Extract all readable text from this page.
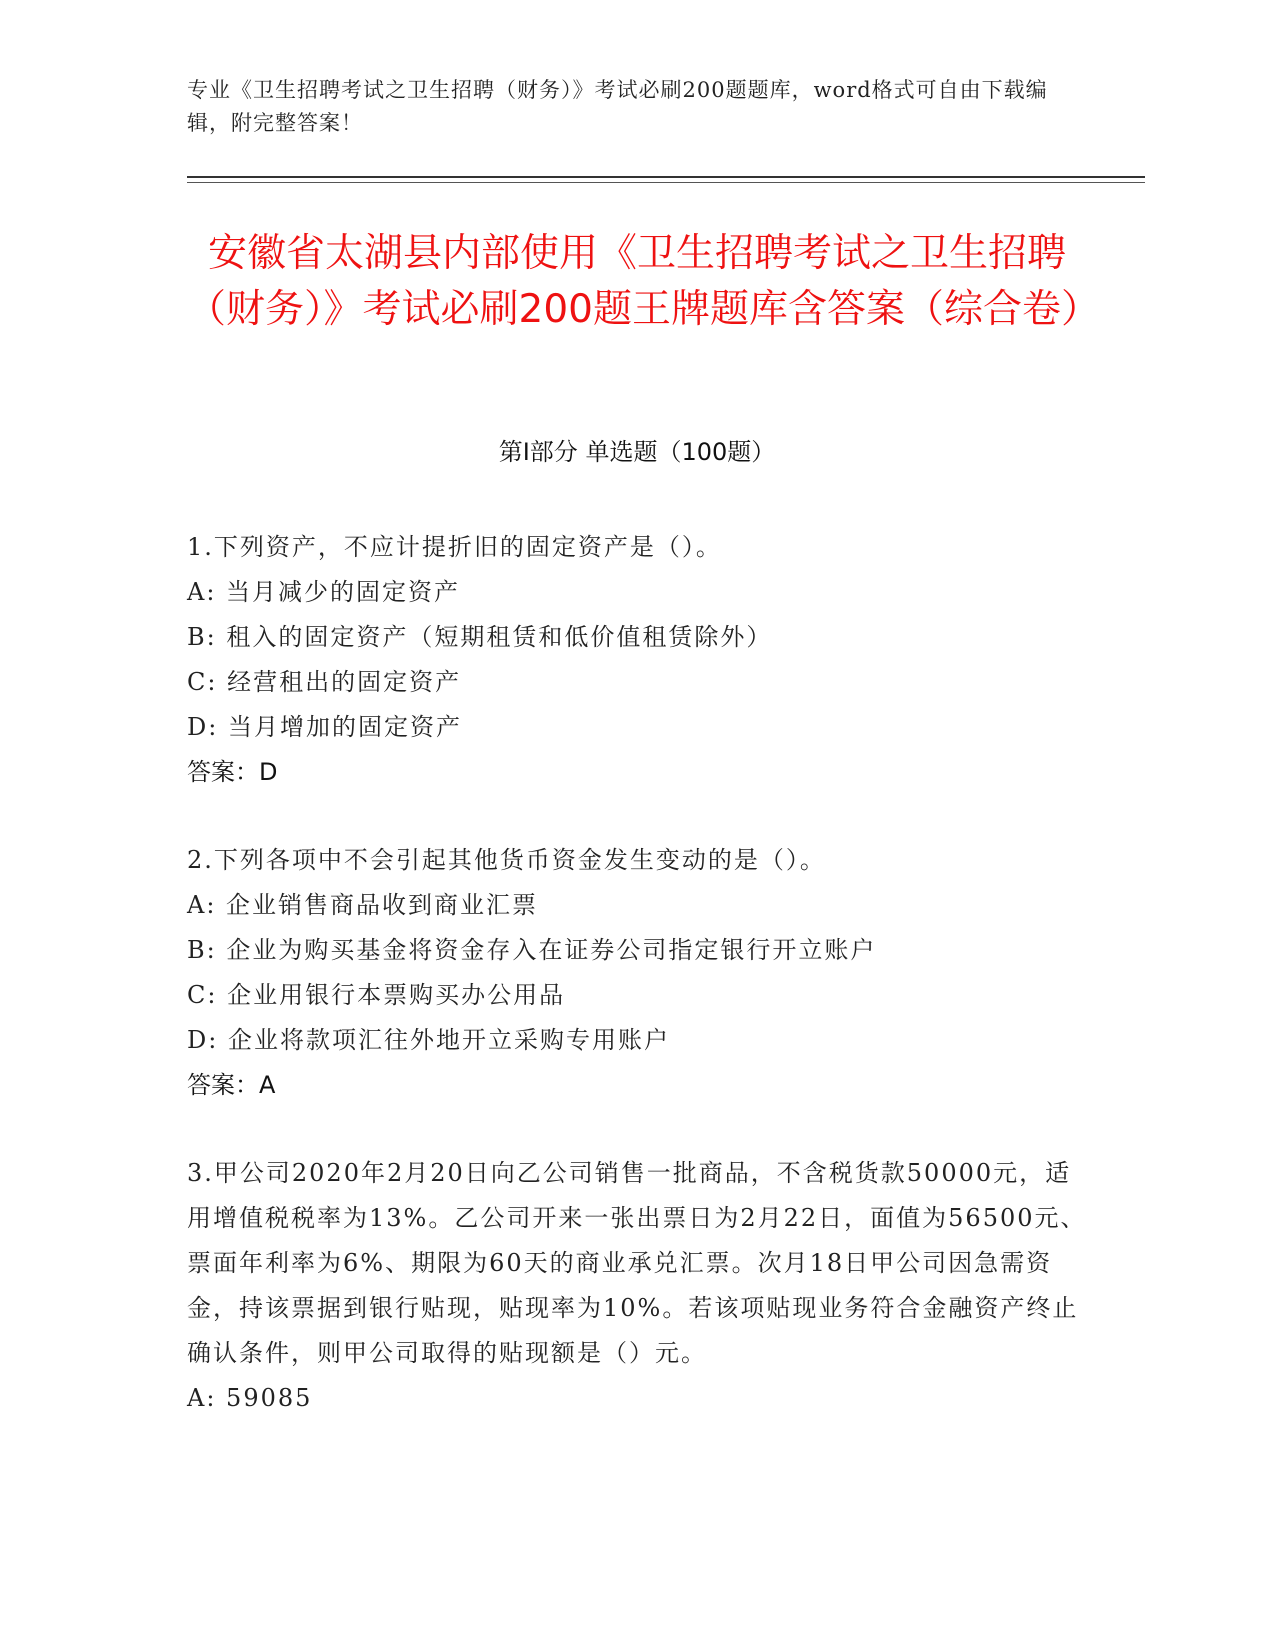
专业《卫生招聘考试之卫生招聘（财务）》考试必刷200题题库，word格式可自由下载编辑，附完整答案！
安徽省太湖县内部使用《卫生招聘考试之卫生招聘（财务）》考试必刷200题王牌题库含答案（综合卷）
第I部分 单选题（100题）
1.下列资产，不应计提折旧的固定资产是（）。
A: 当月减少的固定资产
B: 租入的固定资产（短期租赁和低价值租赁除外）
C: 经营租出的固定资产
D: 当月增加的固定资产
答案：D
2.下列各项中不会引起其他货币资金发生变动的是（）。
A: 企业销售商品收到商业汇票
B: 企业为购买基金将资金存入在证券公司指定银行开立账户
C: 企业用银行本票购买办公用品
D: 企业将款项汇往外地开立采购专用账户
答案：A
3.甲公司2020年2月20日向乙公司销售一批商品，不含税货款50000元，适用增值税税率为13%。乙公司开来一张出票日为2月22日，面值为56500元、票面年利率为6%、期限为60天的商业承兑汇票。次月18日甲公司因急需资金，持该票据到银行贴现，贴现率为10%。若该项贴现业务符合金融资产终止确认条件，则甲公司取得的贴现额是（）元。
A: 59085
